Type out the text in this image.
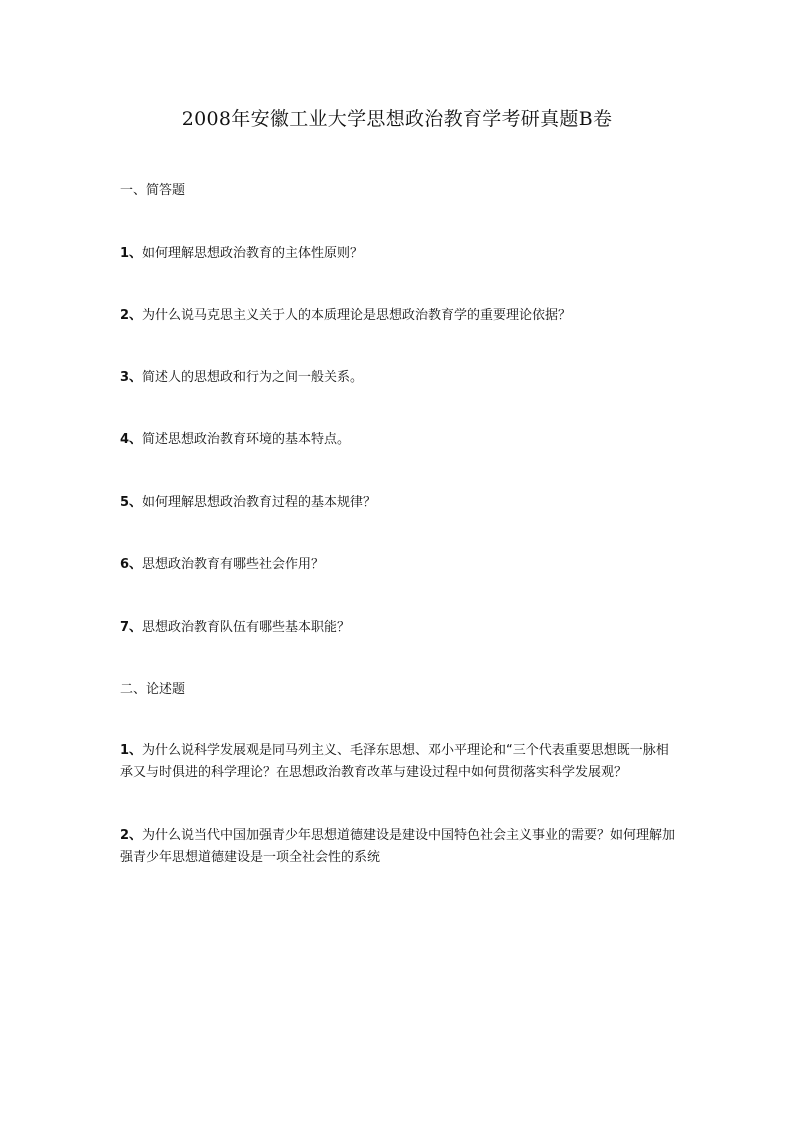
2008年安徽工业大学思想政治教育学考研真题B卷
一、简答题
1、如何理解思想政治教育的主体性原则？
2、为什么说马克思主义关于人的本质理论是思想政治教育学的重要理论依据？
3、简述人的思想政和行为之间一般关系。
4、简述思想政治教育环境的基本特点。
5、如何理解思想政治教育过程的基本规律？
6、思想政治教育有哪些社会作用？
7、思想政治教育队伍有哪些基本职能？
二、论述题
1、为什么说科学发展观是同马列主义、毛泽东思想、邓小平理论和“三个代表重要思想既一脉相承又与时俱进的科学理论？在思想政治教育改革与建设过程中如何贯彻落实科学发展观？
2、为什么说当代中国加强青少年思想道德建设是建设中国特色社会主义事业的需要？如何理解加强青少年思想道德建设是一项全社会性的系统
